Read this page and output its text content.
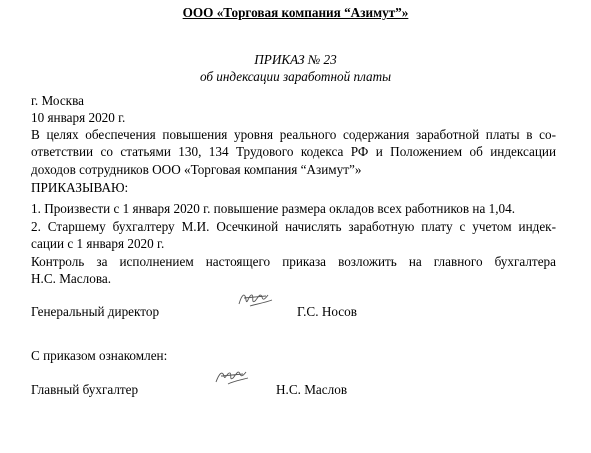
ООО «Торговая компания “Азимут”»
ПРИКАЗ № 23
об индексации заработной платы
г. Москва
10 января 2020 г.
В целях обеспечения повышения уровня реального содержания заработной платы в со-
ответствии со статьями 130, 134 Трудового кодекса РФ и Положением об индексации
доходов сотрудников ООО «Торговая компания “Азимут”»
ПРИКАЗЫВАЮ:
1. Произвести с 1 января 2020 г. повышение размера окладов всех работников на 1,04.
2. Старшему бухгалтеру М.И. Осечкиной начислять заработную плату с учетом индек-
сации с 1 января 2020 г.
Контроль за исполнением настоящего приказа возложить на главного бухгалтера
Н.С. Маслова.
Генеральный директор	Г.С. Носов
С приказом ознакомлен:
Главный бухгалтер	Н.С. Маслов
